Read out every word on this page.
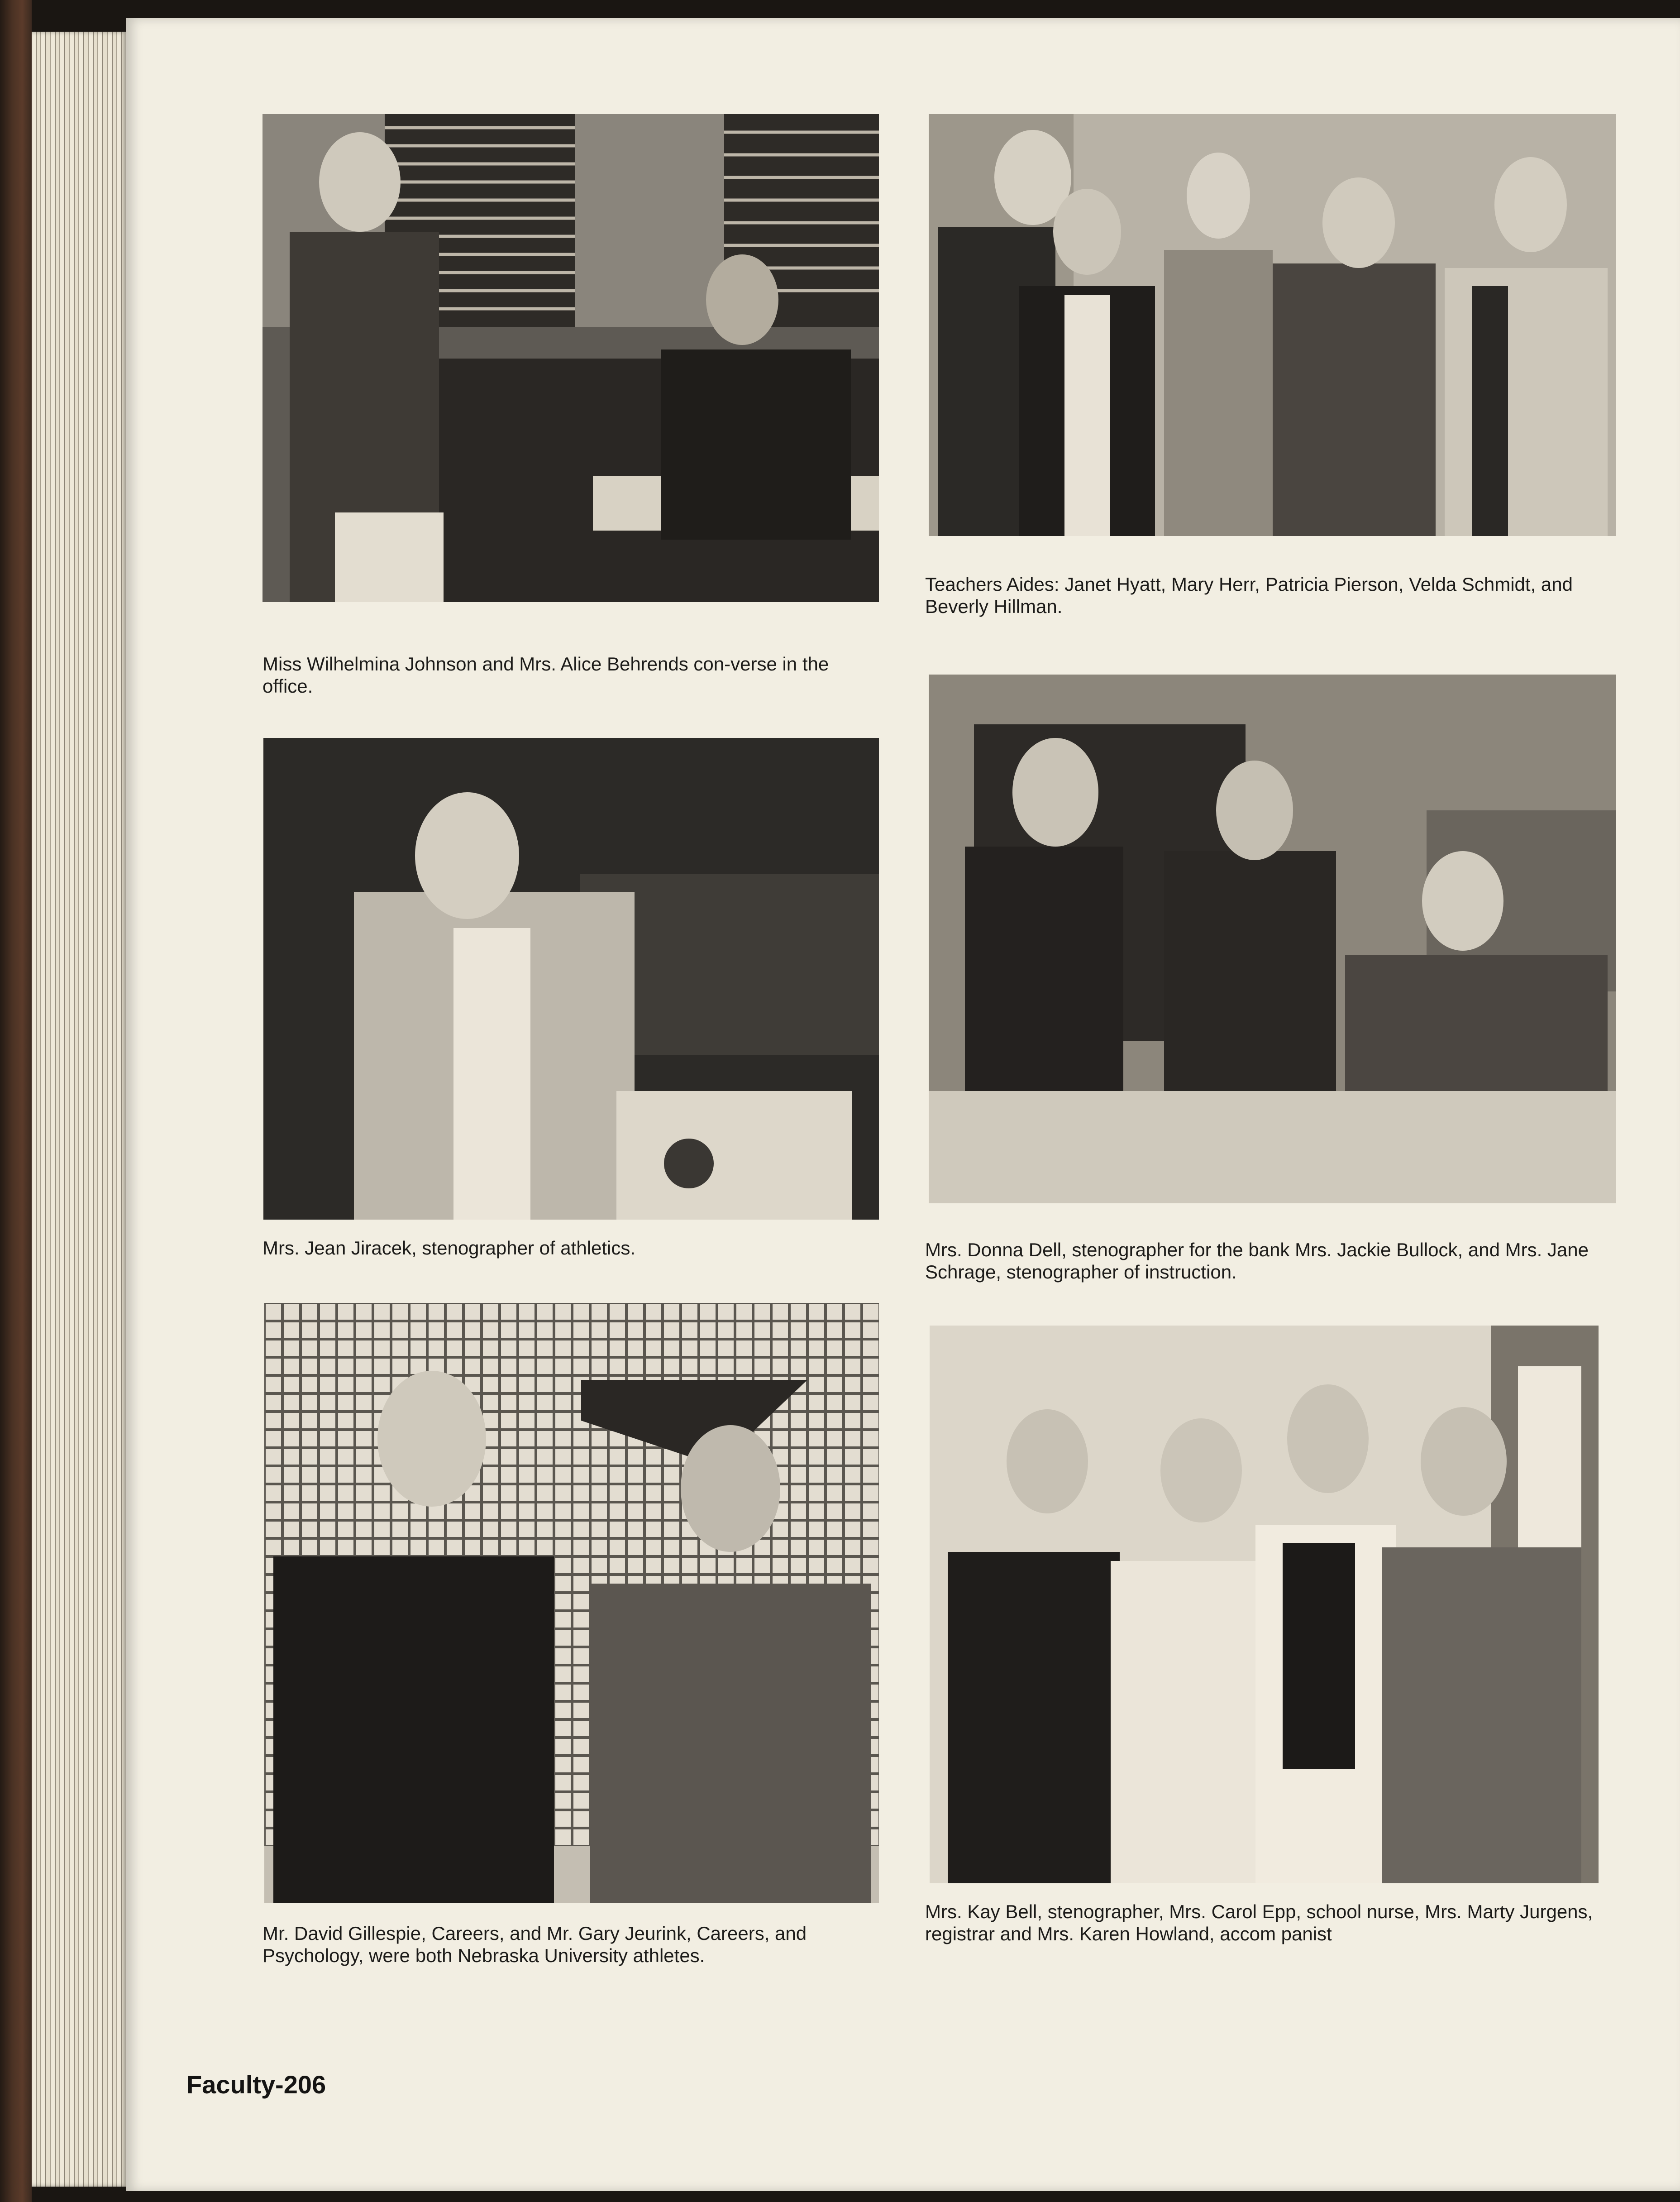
Miss Wilhelmina Johnson and Mrs. Alice Behrends con-verse in the office.

Teachers Aides: Janet Hyatt, Mary Herr, Patricia Pierson, Velda Schmidt, and Beverly Hillman.

Mrs. Jean Jiracek, stenographer of athletics.	Mrs. Donna Dell, stenographer for the bank Mrs. Jackie Bullock, and Mrs. Jane Schrage, stenographer of instruction.

Mr. David Gillespie, Careers, and Mr. Gary Jeurink, Careers, and Psychology, were both Nebraska University athletes.

Mrs. Kay Bell, stenographer, Mrs. Carol Epp, school nurse, Mrs. Marty Jurgens, registrar and Mrs. Karen Howland, accom panist

Faculty-206
